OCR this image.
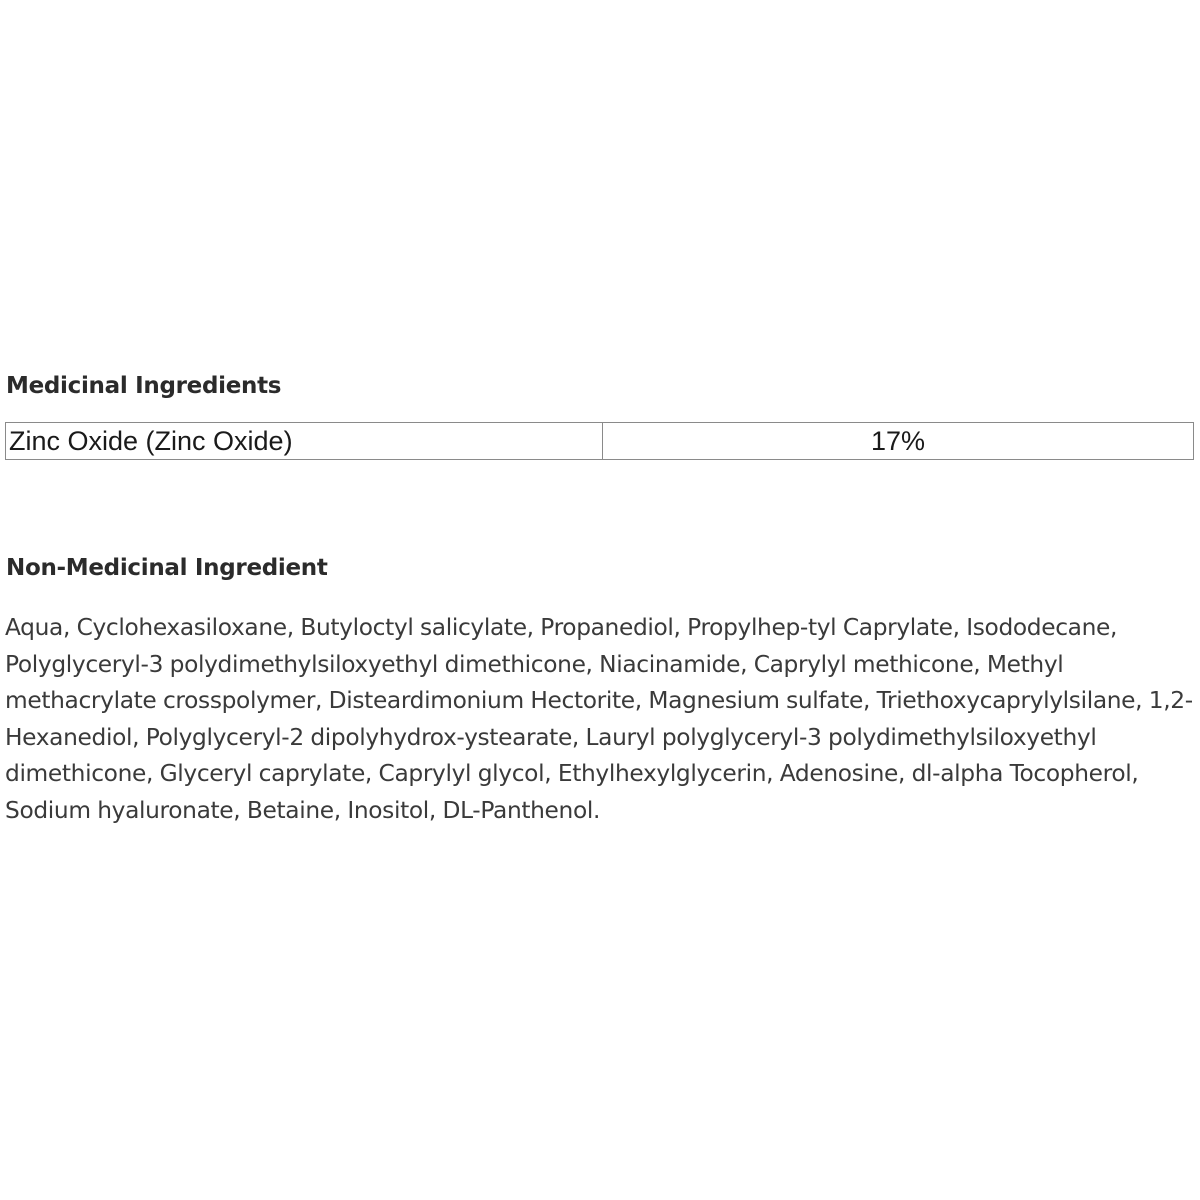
Medicinal Ingredients
Zinc Oxide (Zinc Oxide)	17%
Non-Medicinal Ingredient

Aqua, Cyclohexasiloxane, Butyloctyl salicylate, Propanediol, Propylhep-tyl Caprylate, Isododecane, Polyglyceryl-3 polydimethylsiloxyethyl dimethicone, Niacinamide, Caprylyl methicone, Methyl methacrylate crosspolymer, Disteardimonium Hectorite, Magnesium sulfate, Triethoxycaprylylsilane, 1,2-Hexanediol, Polyglyceryl-2 dipolyhydrox-ystearate, Lauryl polyglyceryl-3 polydimethylsiloxyethyl dimethicone, Glyceryl caprylate, Caprylyl glycol, Ethylhexylglycerin, Adenosine, dl-alpha Tocopherol, Sodium hyaluronate, Betaine, Inositol, DL-Panthenol.
